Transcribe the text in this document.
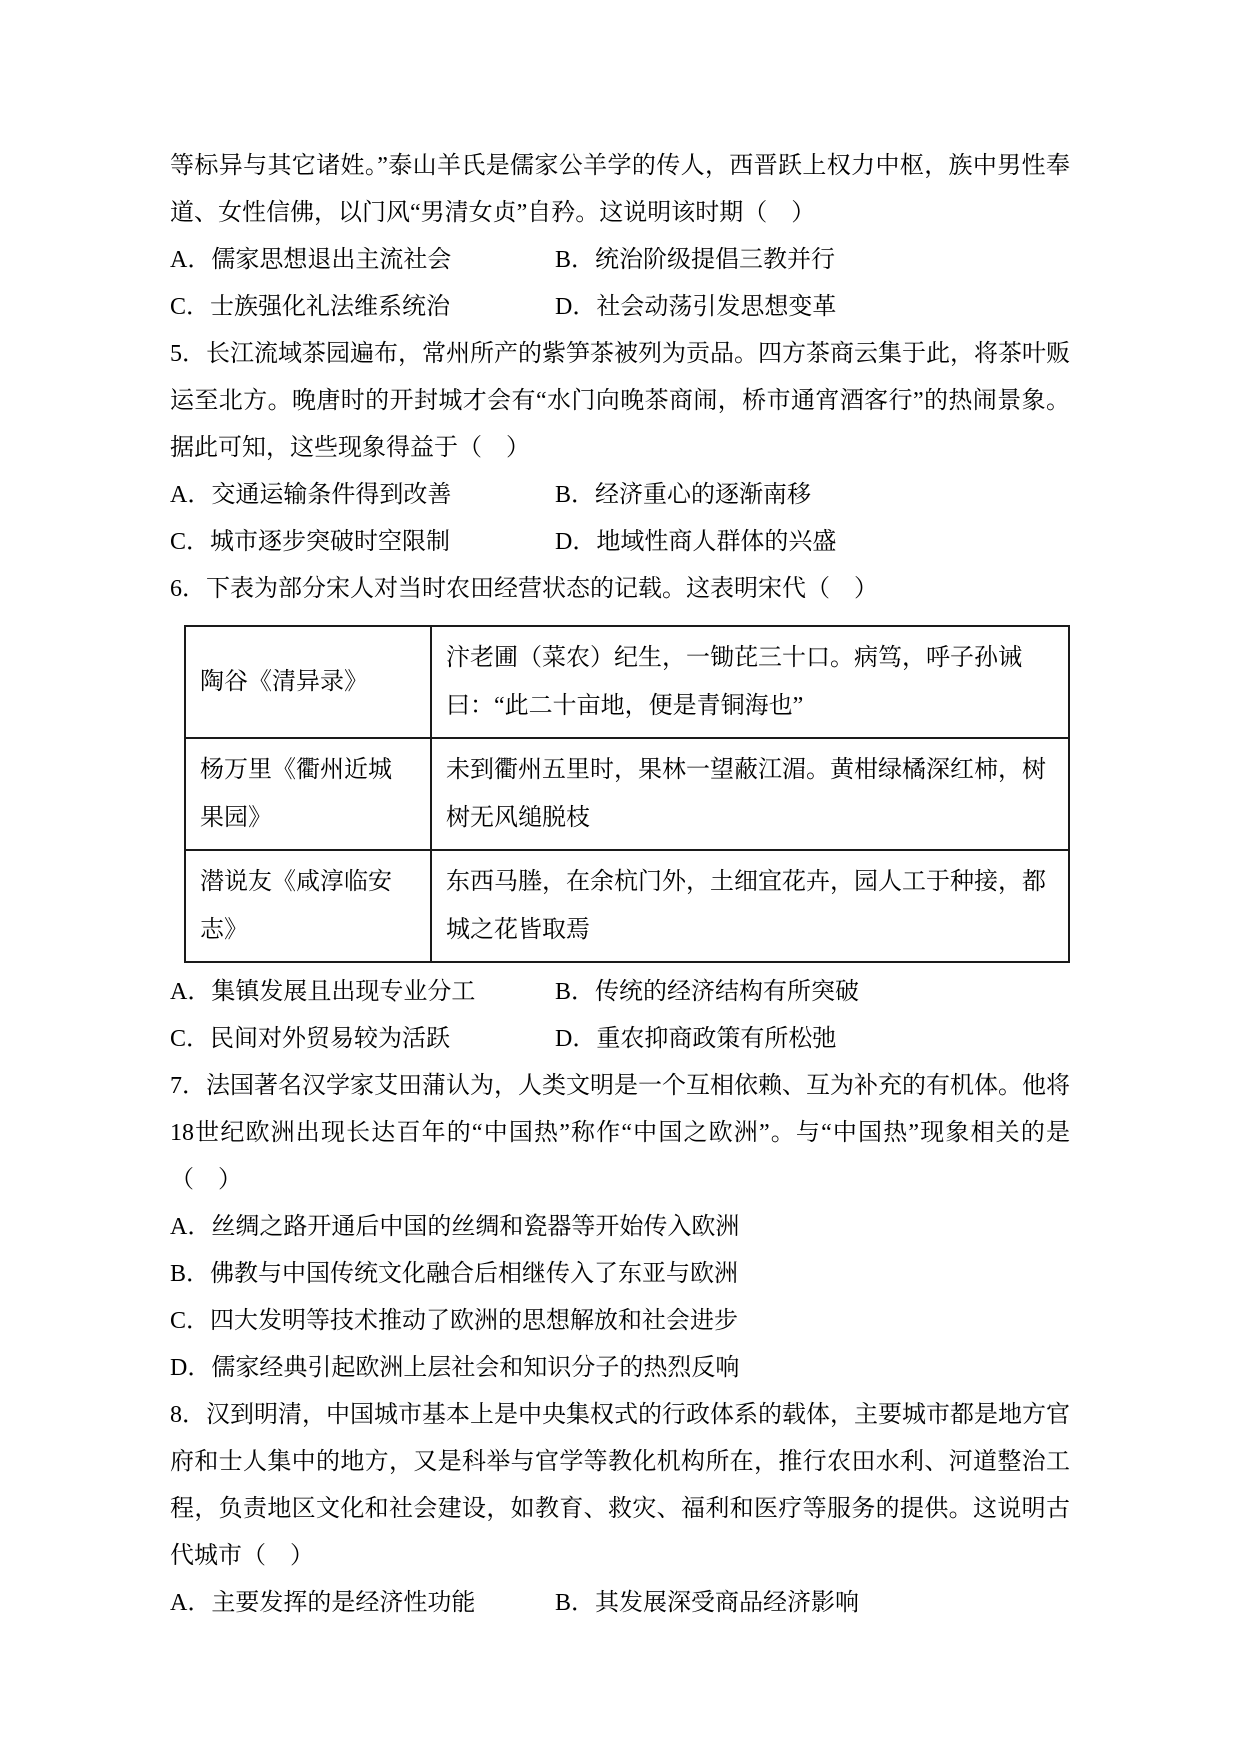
等标异与其它诸姓。”泰山羊氏是儒家公羊学的传人，西晋跃上权力中枢，族中男性奉道、女性信佛，以门风“男清女贞”自矜。这说明该时期（　）

A．儒家思想退出主流社会	B．统治阶级提倡三教并行
C．士族强化礼法维系统治	D．社会动荡引发思想变革

5．长江流域茶园遍布，常州所产的紫笋茶被列为贡品。四方茶商云集于此，将茶叶贩运至北方。晚唐时的开封城才会有“水门向晚茶商闹，桥市通宵酒客行”的热闹景象。据此可知，这些现象得益于（　）

A．交通运输条件得到改善	B．经济重心的逐渐南移
C．城市逐步突破时空限制	D．地域性商人群体的兴盛

6．下表为部分宋人对当时农田经营状态的记载。这表明宋代（　）

陶谷《清异录》	汴老圃（菜农）纪生，一锄芘三十口。病笃，呼子孙诫曰：“此二十亩地，便是青铜海也”
杨万里《衢州近城果园》	未到衢州五里时，果林一望蔽江湄。黄柑绿橘深红柿，树树无风缒脱枝
潜说友《咸淳临安志》	东西马塍，在余杭门外，土细宜花卉，园人工于种接，都城之花皆取焉
A．集镇发展且出现专业分工	B．传统的经济结构有所突破
C．民间对外贸易较为活跃	D．重农抑商政策有所松弛

7．法国著名汉学家艾田蒲认为，人类文明是一个互相依赖、互为补充的有机体。他将18世纪欧洲出现长达百年的“中国热”称作“中国之欧洲”。与“中国热”现象相关的是（　）

A．丝绸之路开通后中国的丝绸和瓷器等开始传入欧洲
B．佛教与中国传统文化融合后相继传入了东亚与欧洲
C．四大发明等技术推动了欧洲的思想解放和社会进步
D．儒家经典引起欧洲上层社会和知识分子的热烈反响

8．汉到明清，中国城市基本上是中央集权式的行政体系的载体，主要城市都是地方官府和士人集中的地方，又是科举与官学等教化机构所在，推行农田水利、河道整治工程，负责地区文化和社会建设，如教育、救灾、福利和医疗等服务的提供。这说明古代城市（　）

A．主要发挥的是经济性功能	B．其发展深受商品经济影响
